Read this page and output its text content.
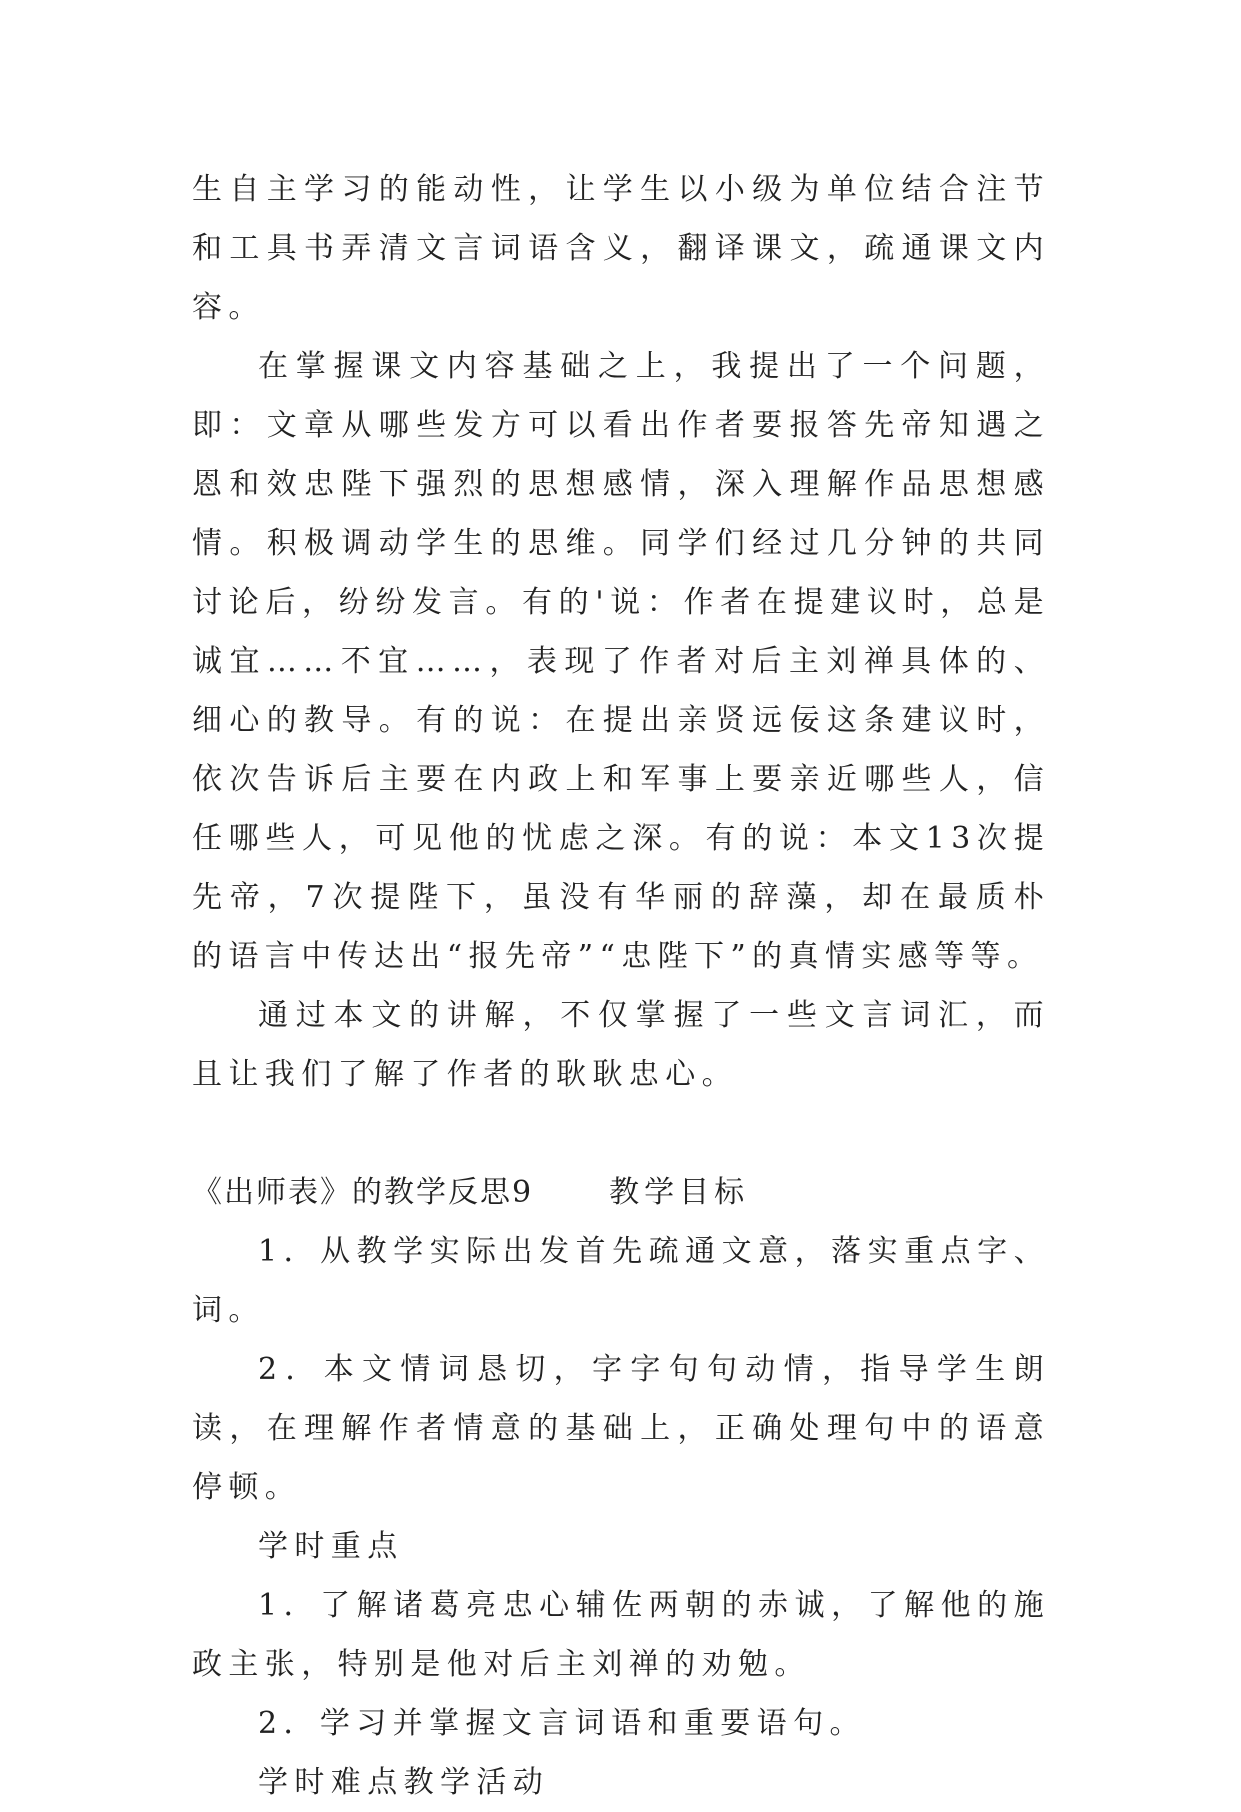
生自主学习的能动性，让学生以小级为单位结合注节和工具书弄清文言词语含义，翻译课文，疏通课文内容。

在掌握课文内容基础之上，我提出了一个问题，即：文章从哪些发方可以看出作者要报答先帝知遇之恩和效忠陛下强烈的思想感情，深入理解作品思想感情。积极调动学生的思维。同学们经过几分钟的共同讨论后，纷纷发言。有的'说：作者在提建议时，总是诚宜……不宜……，表现了作者对后主刘禅具体的、细心的教导。有的说：在提出亲贤远佞这条建议时，依次告诉后主要在内政上和军事上要亲近哪些人，信任哪些人，可见他的忧虑之深。有的说：本文13次提先帝，7次提陛下，虽没有华丽的辞藻，却在最质朴的语言中传达出“报先帝”“忠陛下”的真情实感等等。

通过本文的讲解，不仅掌握了一些文言词汇，而且让我们了解了作者的耿耿忠心。

《出师表》的教学反思9	教学目标

1．从教学实际出发首先疏通文意，落实重点字、词。

2．本文情词恳切，字字句句动情，指导学生朗读，在理解作者情意的基础上，正确处理句中的语意停顿。

学时重点

1．了解诸葛亮忠心辅佐两朝的赤诚，了解他的施政主张，特别是他对后主刘禅的劝勉。

2．学习并掌握文言词语和重要语句。

学时难点教学活动
